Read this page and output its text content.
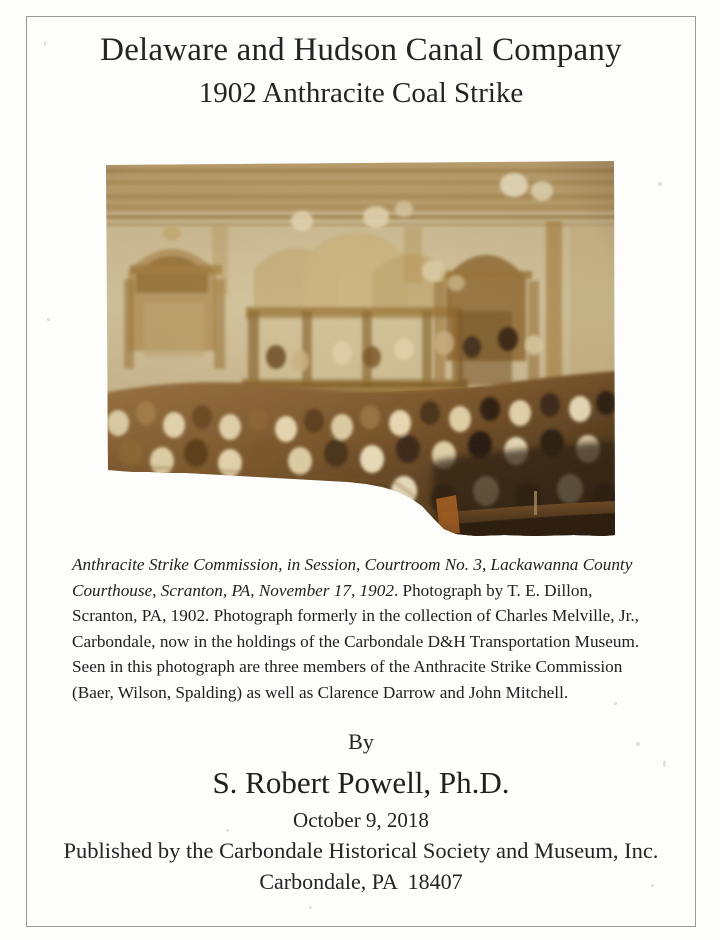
Delaware and Hudson Canal Company
1902 Anthracite Coal Strike
Anthracite Strike Commission, in Session, Courtroom No. 3, Lackawanna County Courthouse, Scranton, PA, November 17, 1902. Photograph by T. E. Dillon, Scranton, PA, 1902. Photograph formerly in the collection of Charles Melville, Jr., Carbondale, now in the holdings of the Carbondale D&H Transportation Museum. Seen in this photograph are three members of the Anthracite Strike Commission (Baer, Wilson, Spalding) as well as Clarence Darrow and John Mitchell.
By
S. Robert Powell, Ph.D.
October 9, 2018
Published by the Carbondale Historical Society and Museum, Inc.
Carbondale, PA  18407
